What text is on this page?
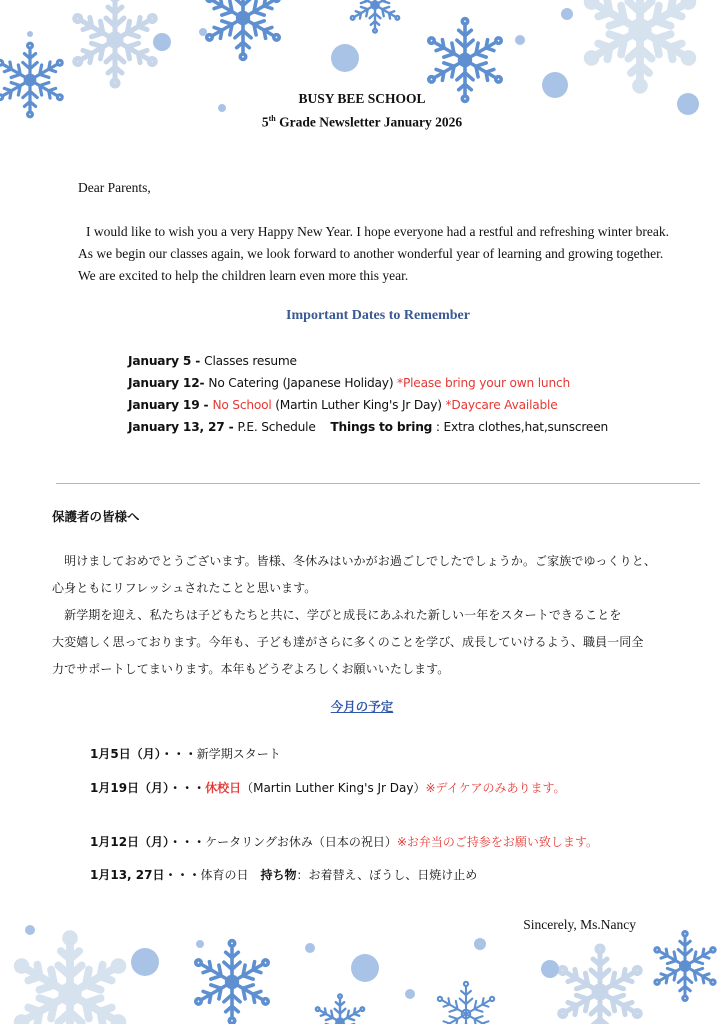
BUSY BEE SCHOOL
5th Grade Newsletter January 2026
Dear Parents,
I would like to wish you a very Happy New Year. I hope everyone had a restful and refreshing winter break. As we begin our classes again, we look forward to another wonderful year of learning and growing together. We are excited to help the children learn even more this year.
Important Dates to Remember
January 5 - Classes resume
January 12- No Catering (Japanese Holiday) *Please bring your own lunch
January 19 - No School (Martin Luther King's Jr Day) *Daycare Available
January 13, 27 - P.E. Schedule Things to bring : Extra clothes,hat,sunscreen
保護者の皆様へ
　明けましておめでとうございます。皆様、冬休みはいかがお過ごしでしたでしょうか。ご家族でゆっくりと、
心身ともにリフレッシュされたことと思います。
　新学期を迎え、私たちは子どもたちと共に、学びと成長にあふれた新しい一年をスタートできることを
大変嬉しく思っております。今年も、子ども達がさらに多くのことを学び、成長していけるよう、職員一同全
力でサポートしてまいります。本年もどうぞよろしくお願いいたします。
今月の予定
1月5日（月）・・・新学期スタート
1月19日（月）・・・休校日（Martin Luther King's Jr Day）※デイケアのみあります。
1月12日（月）・・・ケータリングお休み（日本の祝日）※お弁当のご持参をお願い致します。
1月13, 27日・・・体育の日　持ち物：お着替え、ぼうし、日焼け止め
Sincerely, Ms.Nancy
